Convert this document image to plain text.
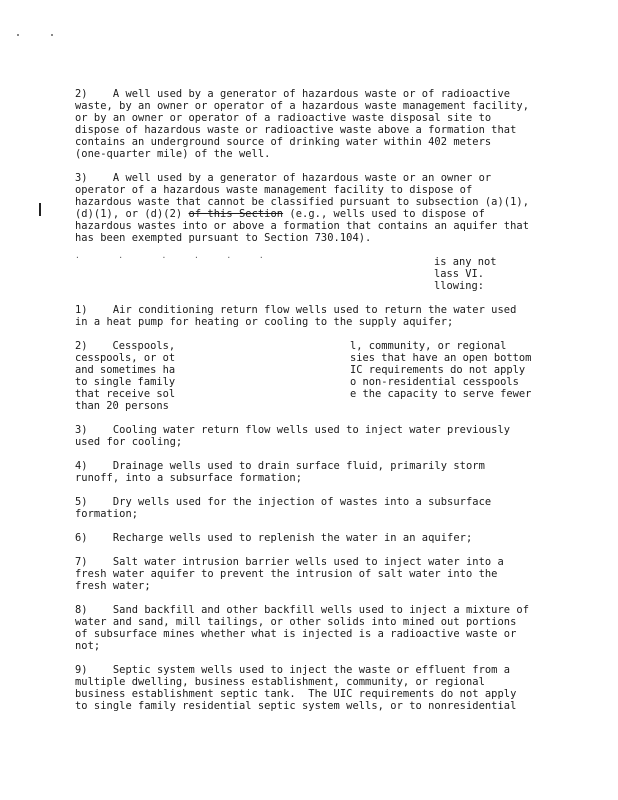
2)    A well used by a generator of hazardous waste or of radioactive
waste, by an owner or operator of a hazardous waste management facility,
or by an owner or operator of a radioactive waste disposal site to
dispose of hazardous waste or radioactive waste above a formation that
contains an underground source of drinking water within 402 meters
(one-quarter mile) of the well.
3)    A well used by a generator of hazardous waste or an owner or
operator of a hazardous waste management facility to dispose of
hazardous waste that cannot be classified pursuant to subsection (a)(1),
(d)(1), or (d)(2) of this Section (e.g., wells used to dispose of
hazardous wastes into or above a formation that contains an aquifer that
has been exempted pursuant to Section 730.104).
·   ·   ·  ·  ·  ·	is any not
lass VI.
llowing:
1)    Air conditioning return flow wells used to return the water used
in a heat pump for heating or cooling to the supply aquifer;
2)    Cesspools,
cesspools, or ot
and sometimes ha
to single family
that receive sol
than 20 persons
l, community, or regional
sies that have an open bottom
IC requirements do not apply
o non-residential cesspools
e the capacity to serve fewer
3)    Cooling water return flow wells used to inject water previously
used for cooling;
4)    Drainage wells used to drain surface fluid, primarily storm
runoff, into a subsurface formation;
5)    Dry wells used for the injection of wastes into a subsurface
formation;
6)    Recharge wells used to replenish the water in an aquifer;
7)    Salt water intrusion barrier wells used to inject water into a
fresh water aquifer to prevent the intrusion of salt water into the
fresh water;
8)    Sand backfill and other backfill wells used to inject a mixture of
water and sand, mill tailings, or other solids into mined out portions
of subsurface mines whether what is injected is a radioactive waste or
not;
9)    Septic system wells used to inject the waste or effluent from a
multiple dwelling, business establishment, community, or regional
business establishment septic tank.  The UIC requirements do not apply
to single family residential septic system wells, or to nonresidential
